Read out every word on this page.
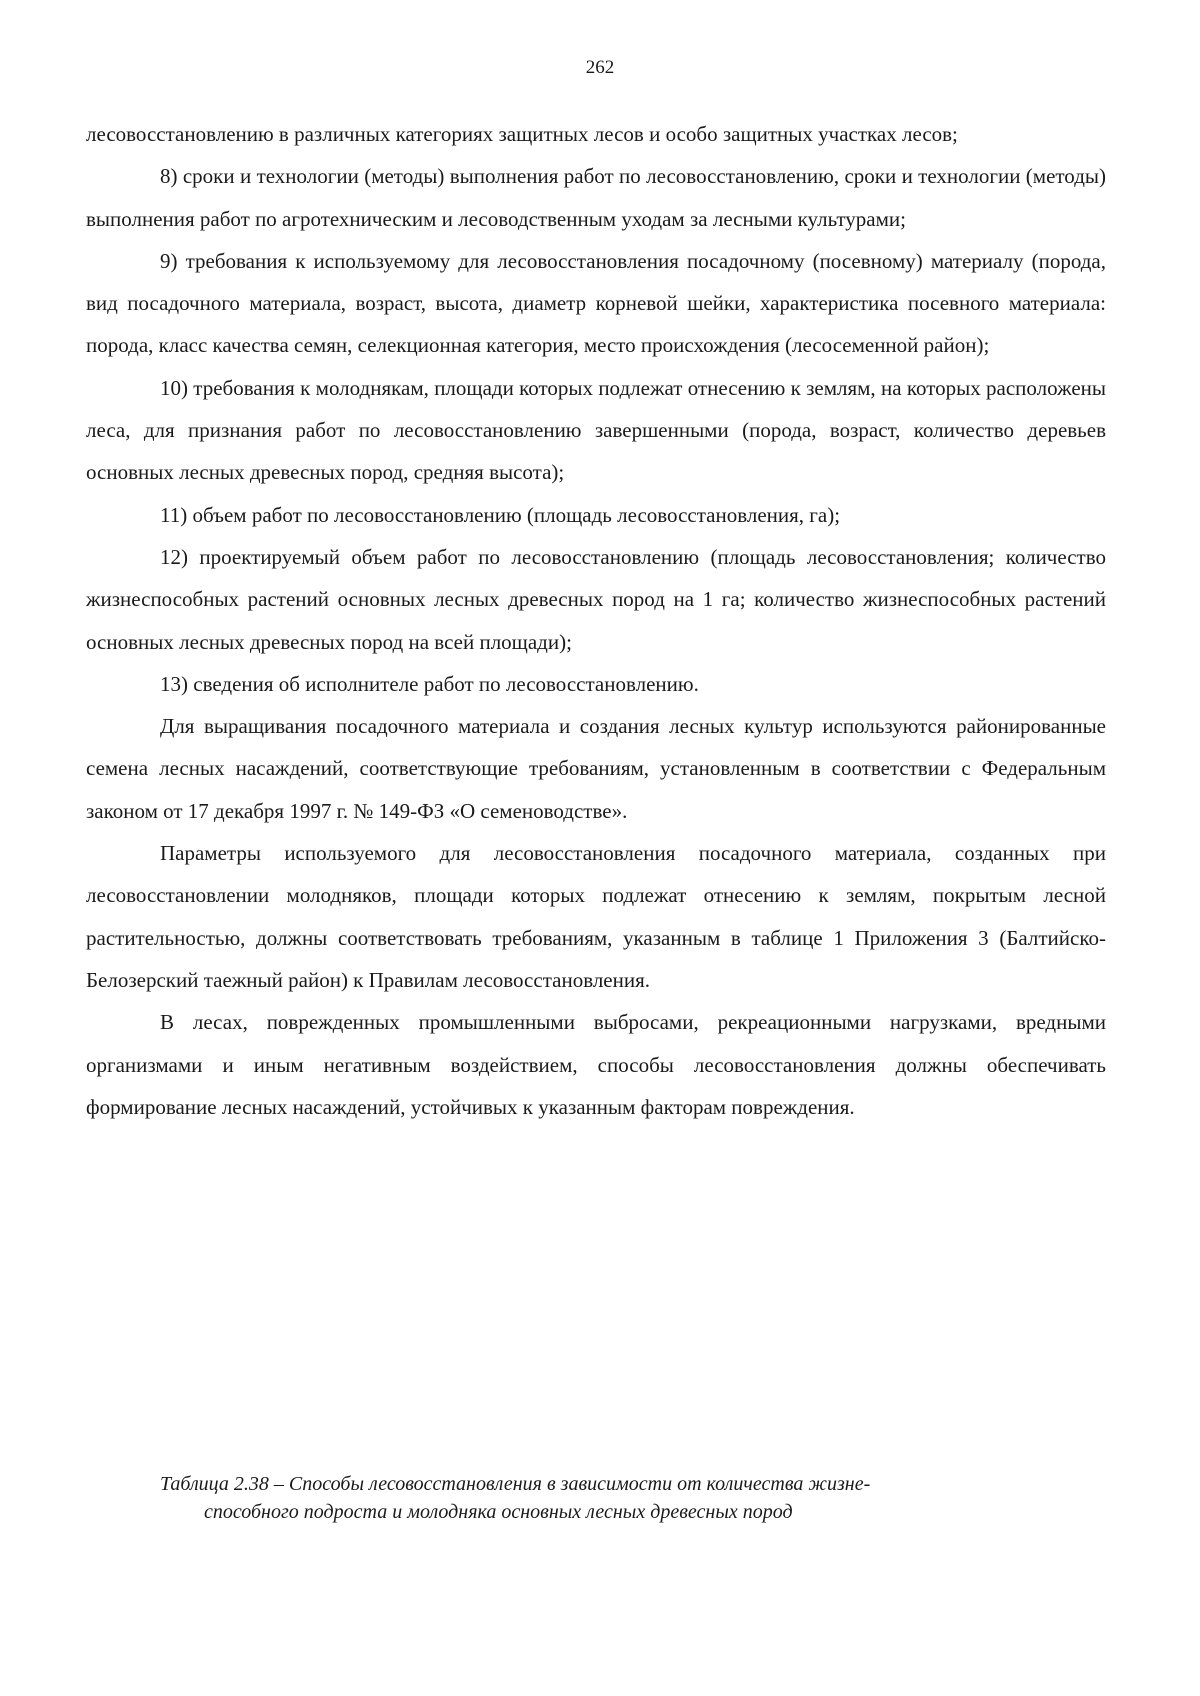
262

лесовосстановлению в различных категориях защитных лесов и особо защитных участках лесов;

8) сроки и технологии (методы) выполнения работ по лесовосстановлению, сроки и технологии (методы) выполнения работ по агротехническим и лесоводственным уходам за лесными культурами;

9) требования к используемому для лесовосстановления посадочному (посевному) материалу (порода, вид посадочного материала, возраст, высота, диаметр корневой шейки, характеристика посевного материала: порода, класс качества семян, селекционная категория, место происхождения (лесосеменной район);

10) требования к молоднякам, площади которых подлежат отнесению к землям, на которых расположены леса, для признания работ по лесовосстановлению завершенными (порода, возраст, количество деревьев основных лесных древесных пород, средняя высота);

11) объем работ по лесовосстановлению (площадь лесовосстановления, га);

12) проектируемый объем работ по лесовосстановлению (площадь лесовосстановления; количество жизнеспособных растений основных лесных древесных пород на 1 га; количество жизнеспособных растений основных лесных древесных пород на всей площади);

13) сведения об исполнителе работ по лесовосстановлению.

Для выращивания посадочного материала и создания лесных культур используются районированные семена лесных насаждений, соответствующие требованиям, установленным в соответствии с Федеральным законом от 17 декабря 1997 г. № 149-ФЗ «О семеноводстве».

Параметры используемого для лесовосстановления посадочного материала, созданных при лесовосстановлении молодняков, площади которых подлежат отнесению к землям, покрытым лесной растительностью, должны соответствовать требованиям, указанным в таблице 1 Приложения 3 (Балтийско-Белозерский таежный район) к Правилам лесовосстановления.

В лесах, поврежденных промышленными выбросами, рекреационными нагрузками, вредными организмами и иным негативным воздействием, способы лесовосстановления должны обеспечивать формирование лесных насаждений, устойчивых к указанным факторам повреждения.

Таблица 2.38 – Способы лесовосстановления в зависимости от количества жизне-
способного подроста и молодняка основных лесных древесных пород
